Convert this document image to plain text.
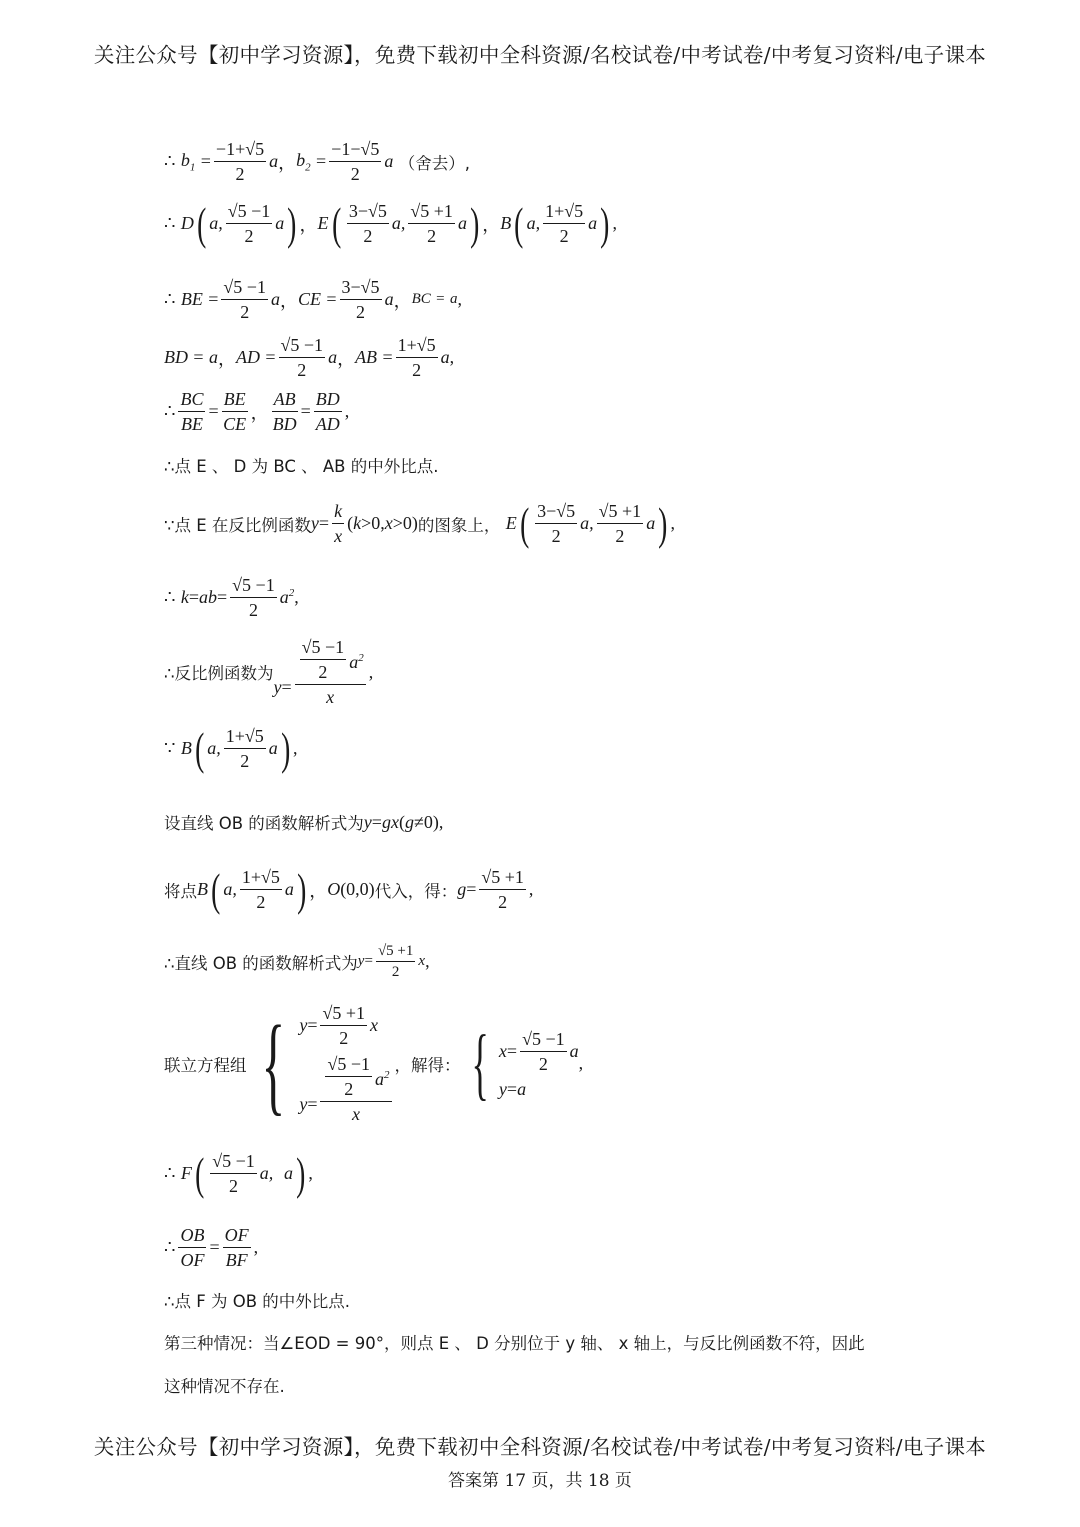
关注公众号【初中学习资源】，免费下载初中全科资源/名校试卷/中考试卷/中考复习资料/电子课本
∴
$b_1$
= $\frac{-1+√5}{2}$ a ， $b_2$
= $\frac{-1-√5}{2}$ a
（舍去）,
∴
D ( a, $\frac{√5 -1}{2}$ a ) ， E ( $\frac{3-√5}{2} a$, $\frac{√5 +1}{2}$ a ) ， B ( a, $\frac{1+√5}{2}$ a ) ,
∴
BE
= $\frac{√5 -1}{2}$ a ， CE
= $\frac{3-√5}{2}$ a ， BC
=
a ,
BD
=
a ， AD
= $\frac{√5 -1}{2}$ a ， AB
= $\frac{1+√5}{2}$ a ,
∴ $\frac{BC}{BE} = \frac{BE}{CE}$ ， $\frac{AB}{BD} = \frac{BD}{AD}$ ,
∴点 E 、 D 为 BC 、 AB 的中外比点.
∵点 E 在反比例函数 $y = \frac{k}{x}$ ( k >0, x >0) 的图象上，
E ( $\frac{3-√5}{2} a$, $\frac{√5 +1}{2}$ a ) ,
∴
k = ab = $\frac{√5 -1}{2} a^2$ ,
∴反比例函数为
$y = \frac{\frac{√5 -1}{2} a^2}{x}$ ,
∵
B ( a, $\frac{1+√5}{2}$ a ) ,
设直线 OB 的函数解析式为 y = gx ( g ≠0) ,
将点 B ( a, $\frac{1+√5}{2}$ a ) ， O (0,0) 代入，得： $g = \frac{√5 +1}{2}$ ,
∴直线 OB 的函数解析式为 $y = \frac{√5 +1}{2}$ x ,
联立方程组 { $y = \frac{√5 +1}{2}$ x
$y = \frac{\frac{√5 -1}{2} a^2}{x}$ ，解得： { $x = \frac{√5 -1}{2}$ a
y = a
,
∴
F ( $\frac{√5 -1}{2} a$,
a ) ,
∴ $\frac{OB}{OF} = \frac{OF}{BF}$ ,
∴点 F 为 OB 的中外比点.
第三种情况：当∠EOD = 90°，则点 E 、 D 分别位于 y 轴、 x 轴上，与反比例函数不符，因此
这种情况不存在.
关注公众号【初中学习资源】，免费下载初中全科资源/名校试卷/中考试卷/中考复习资料/电子课本
答案第 17 页，共 18 页
